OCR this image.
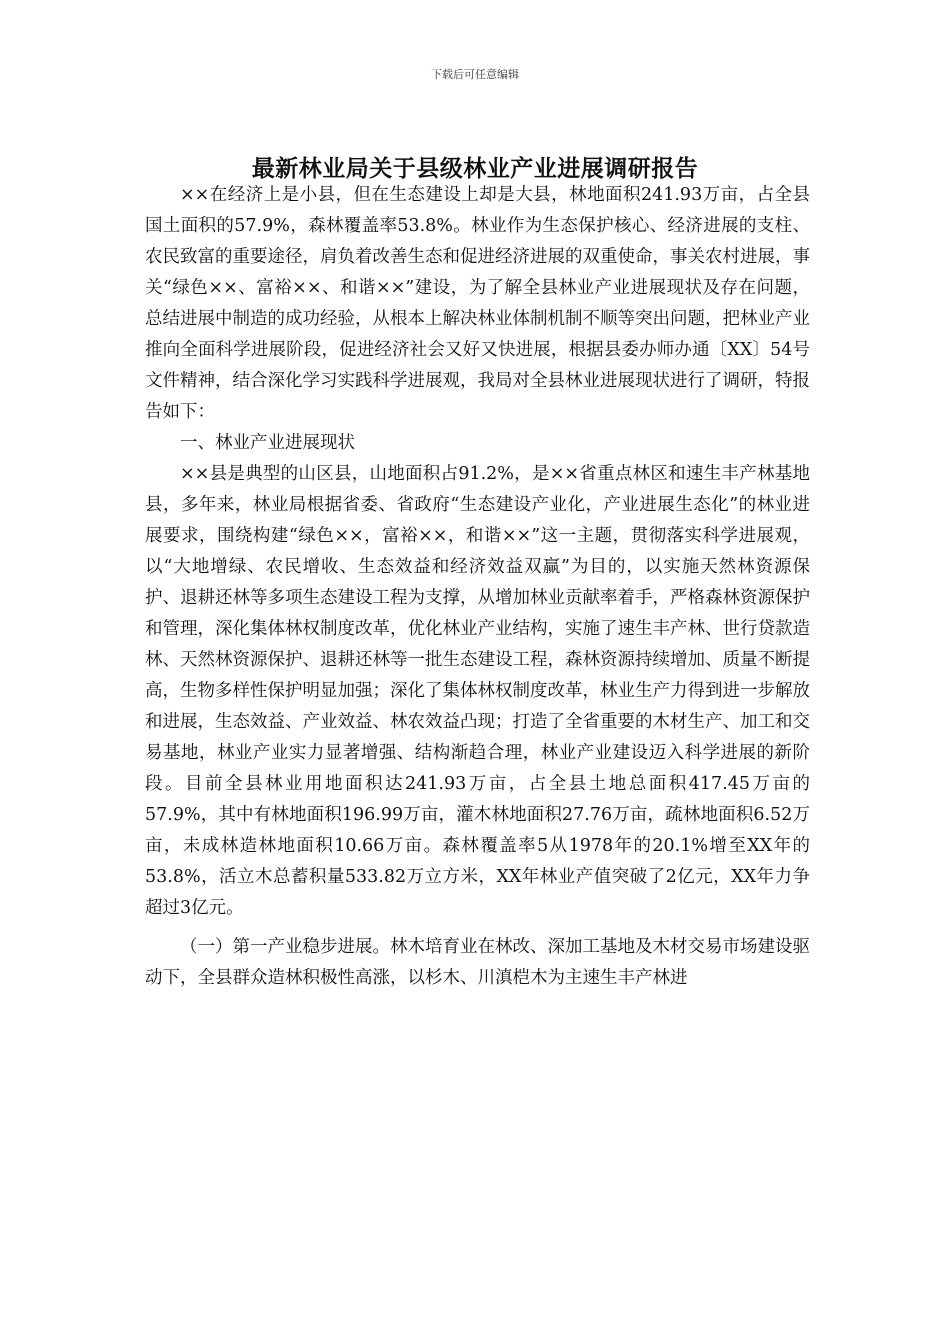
下载后可任意编辑
最新林业局关于县级林业产业进展调研报告

××在经济上是小县，但在生态建设上却是大县，林地面积241.93万亩，占全县国土面积的57.9%，森林覆盖率53.8%。林业作为生态保护核心、经济进展的支柱、农民致富的重要途径，肩负着改善生态和促进经济进展的双重使命，事关农村进展，事关“绿色××、富裕××、和谐××”建设，为了解全县林业产业进展现状及存在问题，总结进展中制造的成功经验，从根本上解决林业体制机制不顺等突出问题，把林业产业推向全面科学进展阶段，促进经济社会又好又快进展，根据县委办师办通〔XX〕54号文件精神，结合深化学习实践科学进展观，我局对全县林业进展现状进行了调研，特报告如下：

一、林业产业进展现状

××县是典型的山区县，山地面积占91.2%，是××省重点林区和速生丰产林基地县，多年来，林业局根据省委、省政府“生态建设产业化，产业进展生态化”的林业进展要求，围绕构建“绿色××，富裕××，和谐××”这一主题，贯彻落实科学进展观，以“大地增绿、农民增收、生态效益和经济效益双赢”为目的，以实施天然林资源保护、退耕还林等多项生态建设工程为支撑，从增加林业贡献率着手，严格森林资源保护和管理，深化集体林权制度改革，优化林业产业结构，实施了速生丰产林、世行贷款造林、天然林资源保护、退耕还林等一批生态建设工程，森林资源持续增加、质量不断提高，生物多样性保护明显加强；深化了集体林权制度改革，林业生产力得到进一步解放和进展，生态效益、产业效益、林农效益凸现；打造了全省重要的木材生产、加工和交易基地，林业产业实力显著增强、结构渐趋合理，林业产业建设迈入科学进展的新阶段。目前全县林业用地面积达241.93万亩，占全县土地总面积417.45万亩的57.9%，其中有林地面积196.99万亩，灌木林地面积27.76万亩，疏林地面积6.52万亩，未成林造林地面积10.66万亩。森林覆盖率5从1978年的20.1%增至XX年的53.8%，活立木总蓄积量533.82万立方米，XX年林业产值突破了2亿元，XX年力争超过3亿元。

（一）第一产业稳步进展。林木培育业在林改、深加工基地及木材交易市场建设驱动下，全县群众造林积极性高涨，以杉木、川滇桤木为主速生丰产林进
